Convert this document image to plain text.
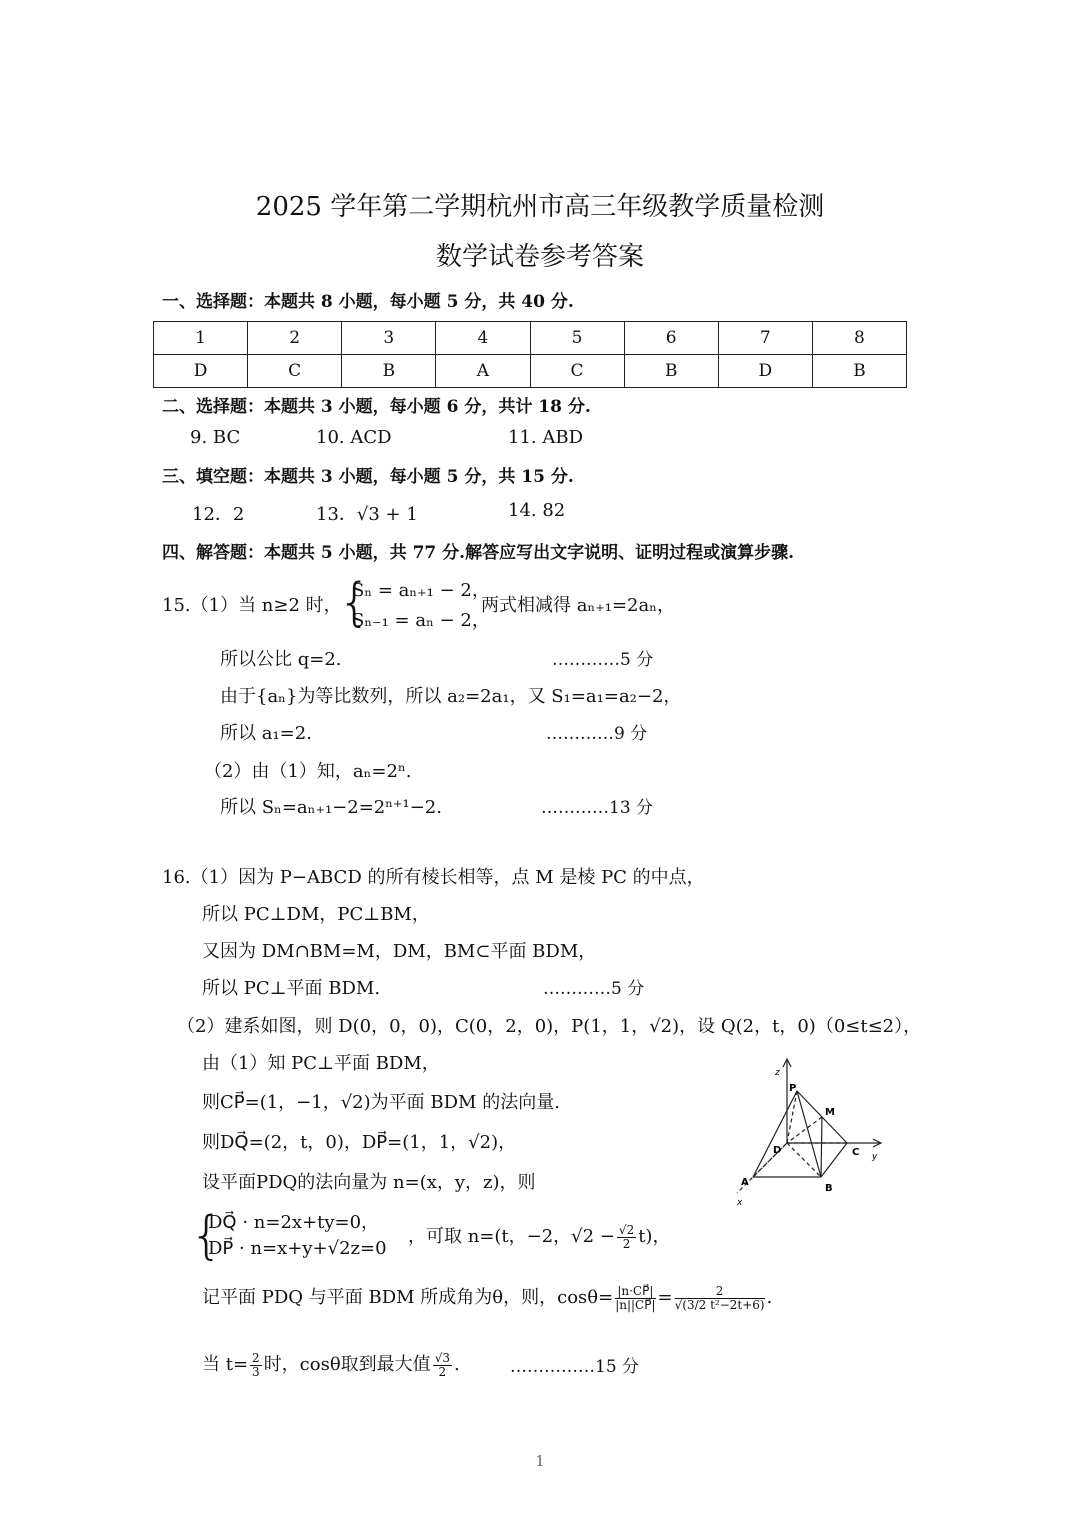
2025 学年第二学期杭州市高三年级教学质量检测
数学试卷参考答案
一、选择题：本题共 8 小题，每小题 5 分，共 40 分.
1	2	3	4	5	6	7	8
D	C	B	A	C	B	D	B
二、选择题：本题共 3 小题，每小题 6 分，共计 18 分.
9. BC	10. ACD	11. ABD
三、填空题：本题共 3 小题，每小题 5 分，共 15 分.
12．2	13．√3 + 1	14. 82
四、解答题：本题共 5 小题，共 77 分.解答应写出文字说明、证明过程或演算步骤.
15.（1）当 n≥2 时，
{
Sₙ = aₙ₊₁ − 2，
Sₙ₋₁ = aₙ − 2，
两式相减得 aₙ₊₁=2aₙ，
所以公比 q=2.	…………5 分
由于{aₙ}为等比数列，所以 a₂=2a₁，又 S₁=a₁=a₂−2，
所以 a₁=2.	…………9 分
（2）由（1）知，aₙ=2ⁿ.
所以 Sₙ=aₙ₊₁−2=2ⁿ⁺¹−2.	…………13 分
16.（1）因为 P−ABCD 的所有棱长相等，点 M 是棱 PC 的中点，
所以 PC⊥DM，PC⊥BM，
又因为 DM∩BM=M，DM，BM⊂平面 BDM，
所以 PC⊥平面 BDM.	…………5 分
（2）建系如图，则 D(0，0，0)，C(0，2，0)，P(1，1，√2)，设 Q(2，t，0)（0≤t≤2），
由（1）知 PC⊥平面 BDM，
则CP⃗=(1，−1，√2)为平面 BDM 的法向量.
则DQ⃗=(2，t，0)，DP⃗=(1，1，√2)，
设平面PDQ的法向量为 n=(x，y，z)，则
{
DQ⃗ · n=2x+ty=0，
DP⃗ · n=x+y+√2z=0
，可取 n=(t，−2，$√2 - \frac{√2}{2} t$)，
记平面 PDQ 与平面 BDM 所成角为θ，则，$\cos\theta= \frac{|n\cdot CP⃗|}{|n||CP⃗|} = \frac{2}{\text{√(3/2 t²−2t+6)}}$ .
当 $t= \frac{2}{3}$ 时，cosθ取到最大值 $\frac{√3}{2}$ .	……………15 分
z
P
M
D	C y
A
B
x
1
